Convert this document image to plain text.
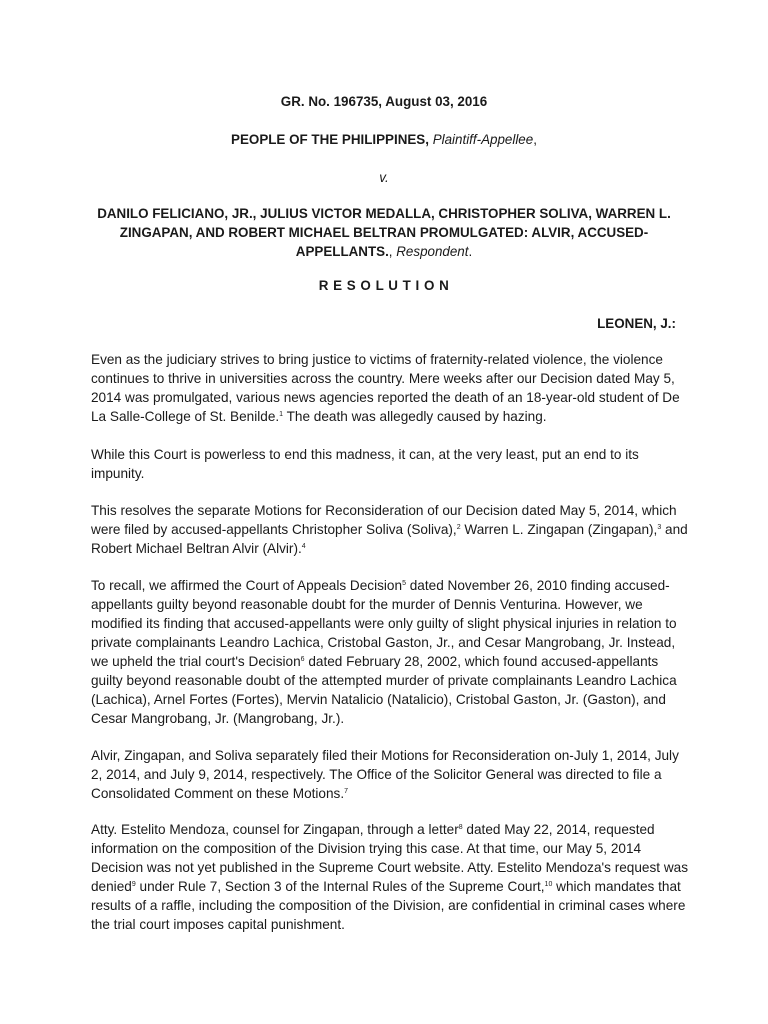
GR. No. 196735, August 03, 2016
PEOPLE OF THE PHILIPPINES, Plaintiff-Appellee,
v.
DANILO FELICIANO, JR., JULIUS VICTOR MEDALLA, CHRISTOPHER SOLIVA, WARREN L. ZINGAPAN, AND ROBERT MICHAEL BELTRAN PROMULGATED: ALVIR, ACCUSED-APPELLANTS., Respondent.
R E S O L U T I O N
LEONEN, J.:

Even as the judiciary strives to bring justice to victims of fraternity-related violence, the violence continues to thrive in universities across the country. Mere weeks after our Decision dated May 5, 2014 was promulgated, various news agencies reported the death of an 18-year-old student of De La Salle-College of St. Benilde.$^1$ The death was allegedly caused by hazing.

While this Court is powerless to end this madness, it can, at the very least, put an end to its impunity.

This resolves the separate Motions for Reconsideration of our Decision dated May 5, 2014, which were filed by accused-appellants Christopher Soliva (Soliva),$^2$ Warren L. Zingapan (Zingapan),$^3$ and Robert Michael Beltran Alvir (Alvir).$^4$

To recall, we affirmed the Court of Appeals Decision$^5$ dated November 26, 2010 finding accused-appellants guilty beyond reasonable doubt for the murder of Dennis Venturina. However, we modified its finding that accused-appellants were only guilty of slight physical injuries in relation to private complainants Leandro Lachica, Cristobal Gaston, Jr., and Cesar Mangrobang, Jr. Instead, we upheld the trial court's Decision$^6$ dated February 28, 2002, which found accused-appellants guilty beyond reasonable doubt of the attempted murder of private complainants Leandro Lachica (Lachica), Arnel Fortes (Fortes), Mervin Natalicio (Natalicio), Cristobal Gaston, Jr. (Gaston), and Cesar Mangrobang, Jr. (Mangrobang, Jr.).

Alvir, Zingapan, and Soliva separately filed their Motions for Reconsideration on-July 1, 2014, July 2, 2014, and July 9, 2014, respectively. The Office of the Solicitor General was directed to file a Consolidated Comment on these Motions.$^7$

Atty. Estelito Mendoza, counsel for Zingapan, through a letter$^8$ dated May 22, 2014, requested information on the composition of the Division trying this case. At that time, our May 5, 2014 Decision was not yet published in the Supreme Court website. Atty. Estelito Mendoza's request was denied$^9$ under Rule 7, Section 3 of the Internal Rules of the Supreme Court,$^{10}$ which mandates that results of a raffle, including the composition of the Division, are confidential in criminal cases where the trial court imposes capital punishment.
